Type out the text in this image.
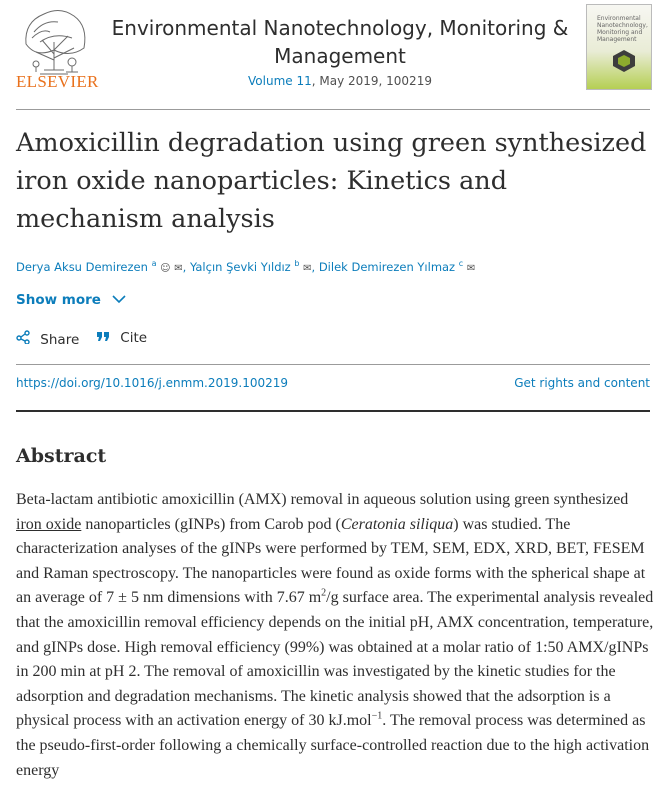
ELSEVIER
Environmental Nanotechnology, Monitoring & Management
Volume 11, May 2019, 100219
Environmental Nanotechnology, Monitoring and Management
Amoxicillin degradation using green synthesized iron oxide nanoparticles: Kinetics and mechanism analysis
Derya Aksu Demirezen $^a$ ☺ ✉, Yalçın Şevki Yıldız $^b$ ✉, Dilek Demirezen Yılmaz $^c$ ✉
Show more
Share	Cite
https://doi.org/10.1016/j.enmm.2019.100219	Get rights and content
Abstract

Beta-lactam antibiotic amoxicillin (AMX) removal in aqueous solution using green synthesized iron oxide nanoparticles (gINPs) from Carob pod (Ceratonia siliqua) was studied. The characterization analyses of the gINPs were performed by TEM, SEM, EDX, XRD, BET, FESEM and Raman spectroscopy. The nanoparticles were found as oxide forms with the spherical shape at an average of 7 ± 5 nm dimensions with 7.67 $m^2/g$ surface area. The experimental analysis revealed that the amoxicillin removal efficiency depends on the initial pH, AMX concentration, temperature, and gINPs dose. High removal efficiency (99%) was obtained at a molar ratio of 1:50 AMX/gINPs in 200 min at pH 2. The removal of amoxicillin was investigated by the kinetic studies for the adsorption and degradation mechanisms. The kinetic analysis showed that the adsorption is a physical process with an activation energy of 30 kJ.mol$^{-1}$. The removal process was determined as the pseudo-first-order following a chemically surface-controlled reaction due to the high activation energy
